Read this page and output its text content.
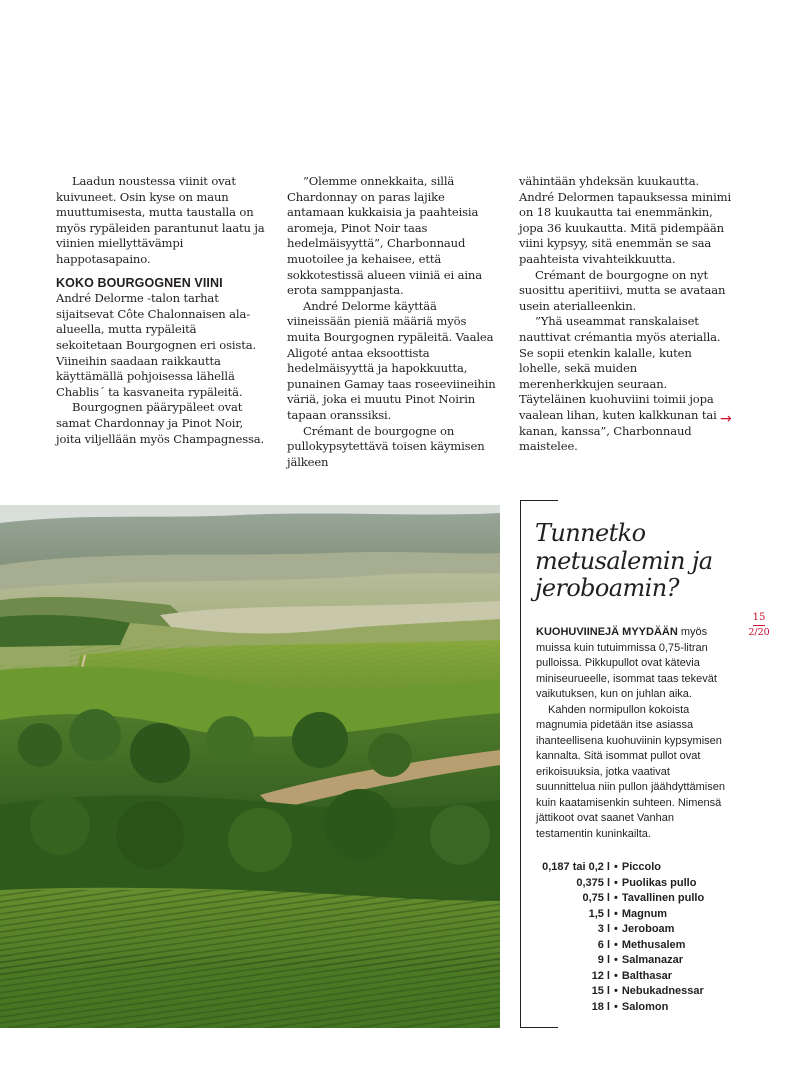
Laadun noustessa viinit ovat kuivuneet. Osin kyse on maun muuttumisesta, mutta taustalla on myös rypäleiden parantunut laatu ja viinien miellyttävämpi happotasapaino.

KOKO BOURGOGNEN VIINI

André Delorme -talon tarhat sijaitsevat Côte Chalonnaisen ala-alueella, mutta rypäleitä sekoitetaan Bourgognen eri osista. Viineihin saadaan raikkautta käyttämällä pohjoisessa lähellä Chablis´ ta kasvaneita rypäleitä.

Bourgognen päärypäleet ovat samat Chardonnay ja Pinot Noir, joita viljellään myös Champagnessa.

”Olemme onnekkaita, sillä Chardonnay on paras lajike antamaan kukkaisia ja paahteisia aromeja, Pinot Noir taas hedelmäisyyttä”, Charbonnaud muotoilee ja kehaisee, että sokkotestissä alueen viiniä ei aina erota samppanjasta.

André Delorme käyttää viineissään pieniä määriä myös muita Bourgognen rypäleitä. Vaalea Aligoté antaa eksoottista hedelmäisyyttä ja hapokkuutta, punainen Gamay taas roseeviineihin väriä, joka ei muutu Pinot Noirin tapaan oranssiksi.

Crémant de bourgogne on pullokypsytettävä toisen käymisen jälkeen

vähintään yhdeksän kuukautta. André Delormen tapauksessa minimi on 18 kuukautta tai enemmänkin, jopa 36 kuukautta. Mitä pidempään viini kypsyy, sitä enemmän se saa paahteista vivahteikkuutta.

Crémant de bourgogne on nyt suosittu aperitiivi, mutta se avataan usein aterialleenkin.

”Yhä useammat ranskalaiset nauttivat crémantia myös aterialla. Se sopii etenkin kalalle, kuten lohelle, sekä muiden merenherkkujen seuraan. Täyteläinen kuohuviini toimii jopa vaalean lihan, kuten kalkkunan tai kanan, kanssa”, Charbonnaud maistelee.

→
Tunnetko metusalemin ja jeroboamin?

KUOHUVIINEJÄ MYYDÄÄN myös muissa kuin tutuimmissa 0,75-litran pulloissa. Pikkupullot ovat kätevia miniseurueelle, isommat taas tekevät vaikutuksen, kun on juhlan aika.

Kahden normipullon kokoista magnumia pidetään itse asiassa ihanteellisena kuohuviinin kypsymisen kannalta. Sitä isommat pullot ovat erikoisuuksia, jotka vaativat suunnittelua niin pullon jäähdyttämisen kuin kaatamisenkin suhteen. Nimensä jättikoot ovat saanet Vanhan testamentin kuninkailta.

0,187 tai 0,2 l • Piccolo
0,375 l • Puolikas pullo
0,75 l • Tavallinen pullo
1,5 l • Magnum
3 l • Jeroboam
6 l • Methusalem
9 l • Salmanazar
12 l • Balthasar
15 l • Nebukadnessar
18 l • Salomon
15
2/20
